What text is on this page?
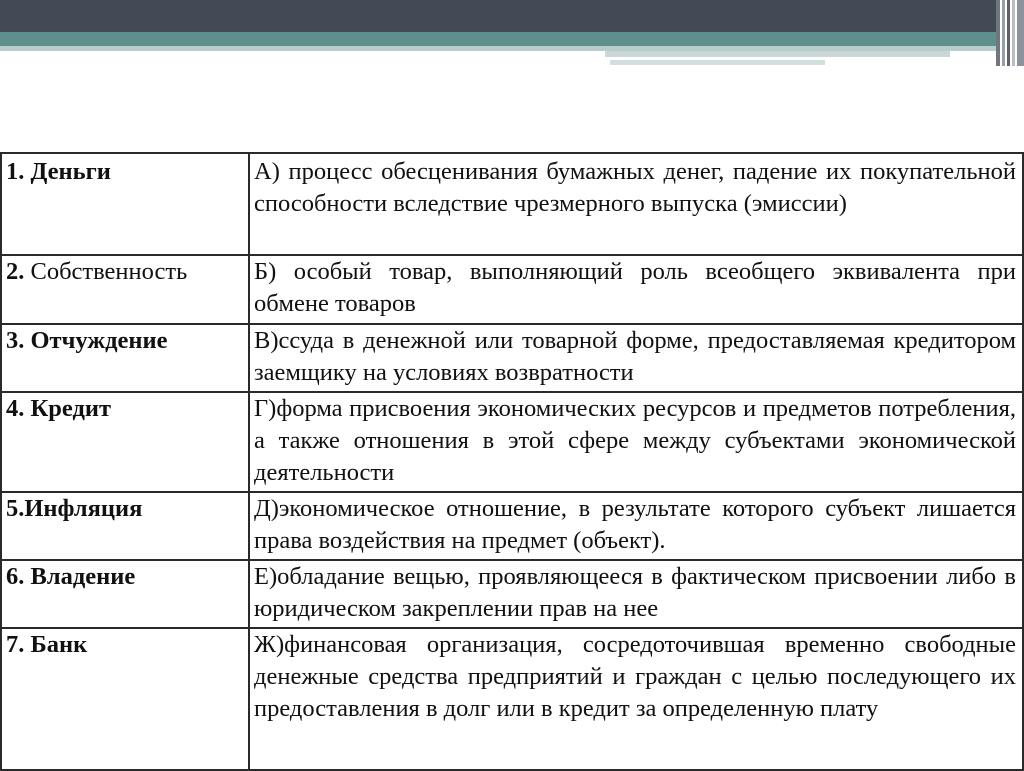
1. Деньги	А) процесс обесценивания бумажных денег, падение их покупательной способности вследствие чрезмерного выпуска (эмиссии)
2. Собственность	Б) особый товар, выполняющий роль всеобщего эквивалента при обмене товаров
3. Отчуждение	В)ссуда в денежной или товарной форме, предоставляемая кредитором заемщику на условиях возвратности
4. Кредит	Г)форма присвоения экономических ресурсов и предметов потребления, а также отношения в этой сфере между субъектами экономической деятельности
5.Инфляция	Д)экономическое отношение, в результате которого субъект лишается права воздействия на предмет (объект).
6. Владение	Е)обладание вещью, проявляющееся в фактическом присвоении либо в юридическом закреплении прав на нее
7. Банк	Ж)финансовая организация, сосредоточившая временно свободные денежные средства предприятий и граждан с целью последующего их предоставления в долг или в кредит за определенную плату
